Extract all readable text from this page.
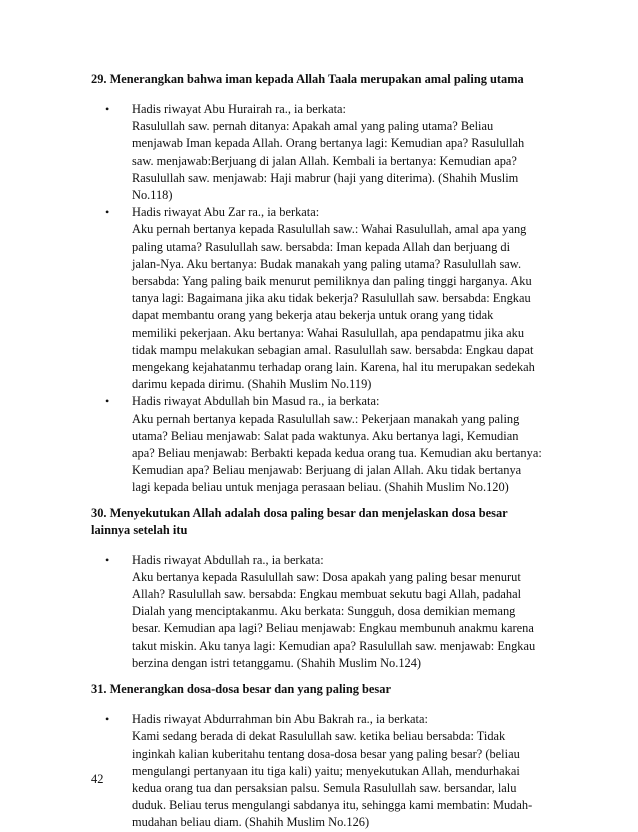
29. Menerangkan bahwa iman kepada Allah Taala merupakan amal paling utama

• Hadis riwayat Abu Hurairah ra., ia berkata:
Rasulullah saw. pernah ditanya: Apakah amal yang paling utama? Beliau
menjawab Iman kepada Allah. Orang bertanya lagi: Kemudian apa? Rasulullah
saw. menjawab:Berjuang di jalan Allah. Kembali ia bertanya: Kemudian apa?
Rasulullah saw. menjawab: Haji mabrur (haji yang diterima). (Shahih Muslim
No.118)
• Hadis riwayat Abu Zar ra., ia berkata:
Aku pernah bertanya kepada Rasulullah saw.: Wahai Rasulullah, amal apa yang
paling utama? Rasulullah saw. bersabda: Iman kepada Allah dan berjuang di
jalan-Nya. Aku bertanya: Budak manakah yang paling utama? Rasulullah saw.
bersabda: Yang paling baik menurut pemiliknya dan paling tinggi harganya. Aku
tanya lagi: Bagaimana jika aku tidak bekerja? Rasulullah saw. bersabda: Engkau
dapat membantu orang yang bekerja atau bekerja untuk orang yang tidak
memiliki pekerjaan. Aku bertanya: Wahai Rasulullah, apa pendapatmu jika aku
tidak mampu melakukan sebagian amal. Rasulullah saw. bersabda: Engkau dapat
mengekang kejahatanmu terhadap orang lain. Karena, hal itu merupakan sedekah
darimu kepada dirimu. (Shahih Muslim No.119)
• Hadis riwayat Abdullah bin Masud ra., ia berkata:
Aku pernah bertanya kepada Rasulullah saw.: Pekerjaan manakah yang paling
utama? Beliau menjawab: Salat pada waktunya. Aku bertanya lagi, Kemudian
apa? Beliau menjawab: Berbakti kepada kedua orang tua. Kemudian aku bertanya:
Kemudian apa? Beliau menjawab: Berjuang di jalan Allah. Aku tidak bertanya
lagi kepada beliau untuk menjaga perasaan beliau. (Shahih Muslim No.120)

30. Menyekutukan Allah adalah dosa paling besar dan menjelaskan dosa besar
lainnya setelah itu

• Hadis riwayat Abdullah ra., ia berkata:
Aku bertanya kepada Rasulullah saw: Dosa apakah yang paling besar menurut
Allah? Rasulullah saw. bersabda: Engkau membuat sekutu bagi Allah, padahal
Dialah yang menciptakanmu. Aku berkata: Sungguh, dosa demikian memang
besar. Kemudian apa lagi? Beliau menjawab: Engkau membunuh anakmu karena
takut miskin. Aku tanya lagi: Kemudian apa? Rasulullah saw. menjawab: Engkau
berzina dengan istri tetanggamu. (Shahih Muslim No.124)

31. Menerangkan dosa-dosa besar dan yang paling besar

• Hadis riwayat Abdurrahman bin Abu Bakrah ra., ia berkata:
Kami sedang berada di dekat Rasulullah saw. ketika beliau bersabda: Tidak
inginkah kalian kuberitahu tentang dosa-dosa besar yang paling besar? (beliau
mengulangi pertanyaan itu tiga kali) yaitu; menyekutukan Allah, mendurhakai
kedua orang tua dan persaksian palsu. Semula Rasulullah saw. bersandar, lalu
duduk. Beliau terus mengulangi sabdanya itu, sehingga kami membatin: Mudah-
mudahan beliau diam. (Shahih Muslim No.126)
42
